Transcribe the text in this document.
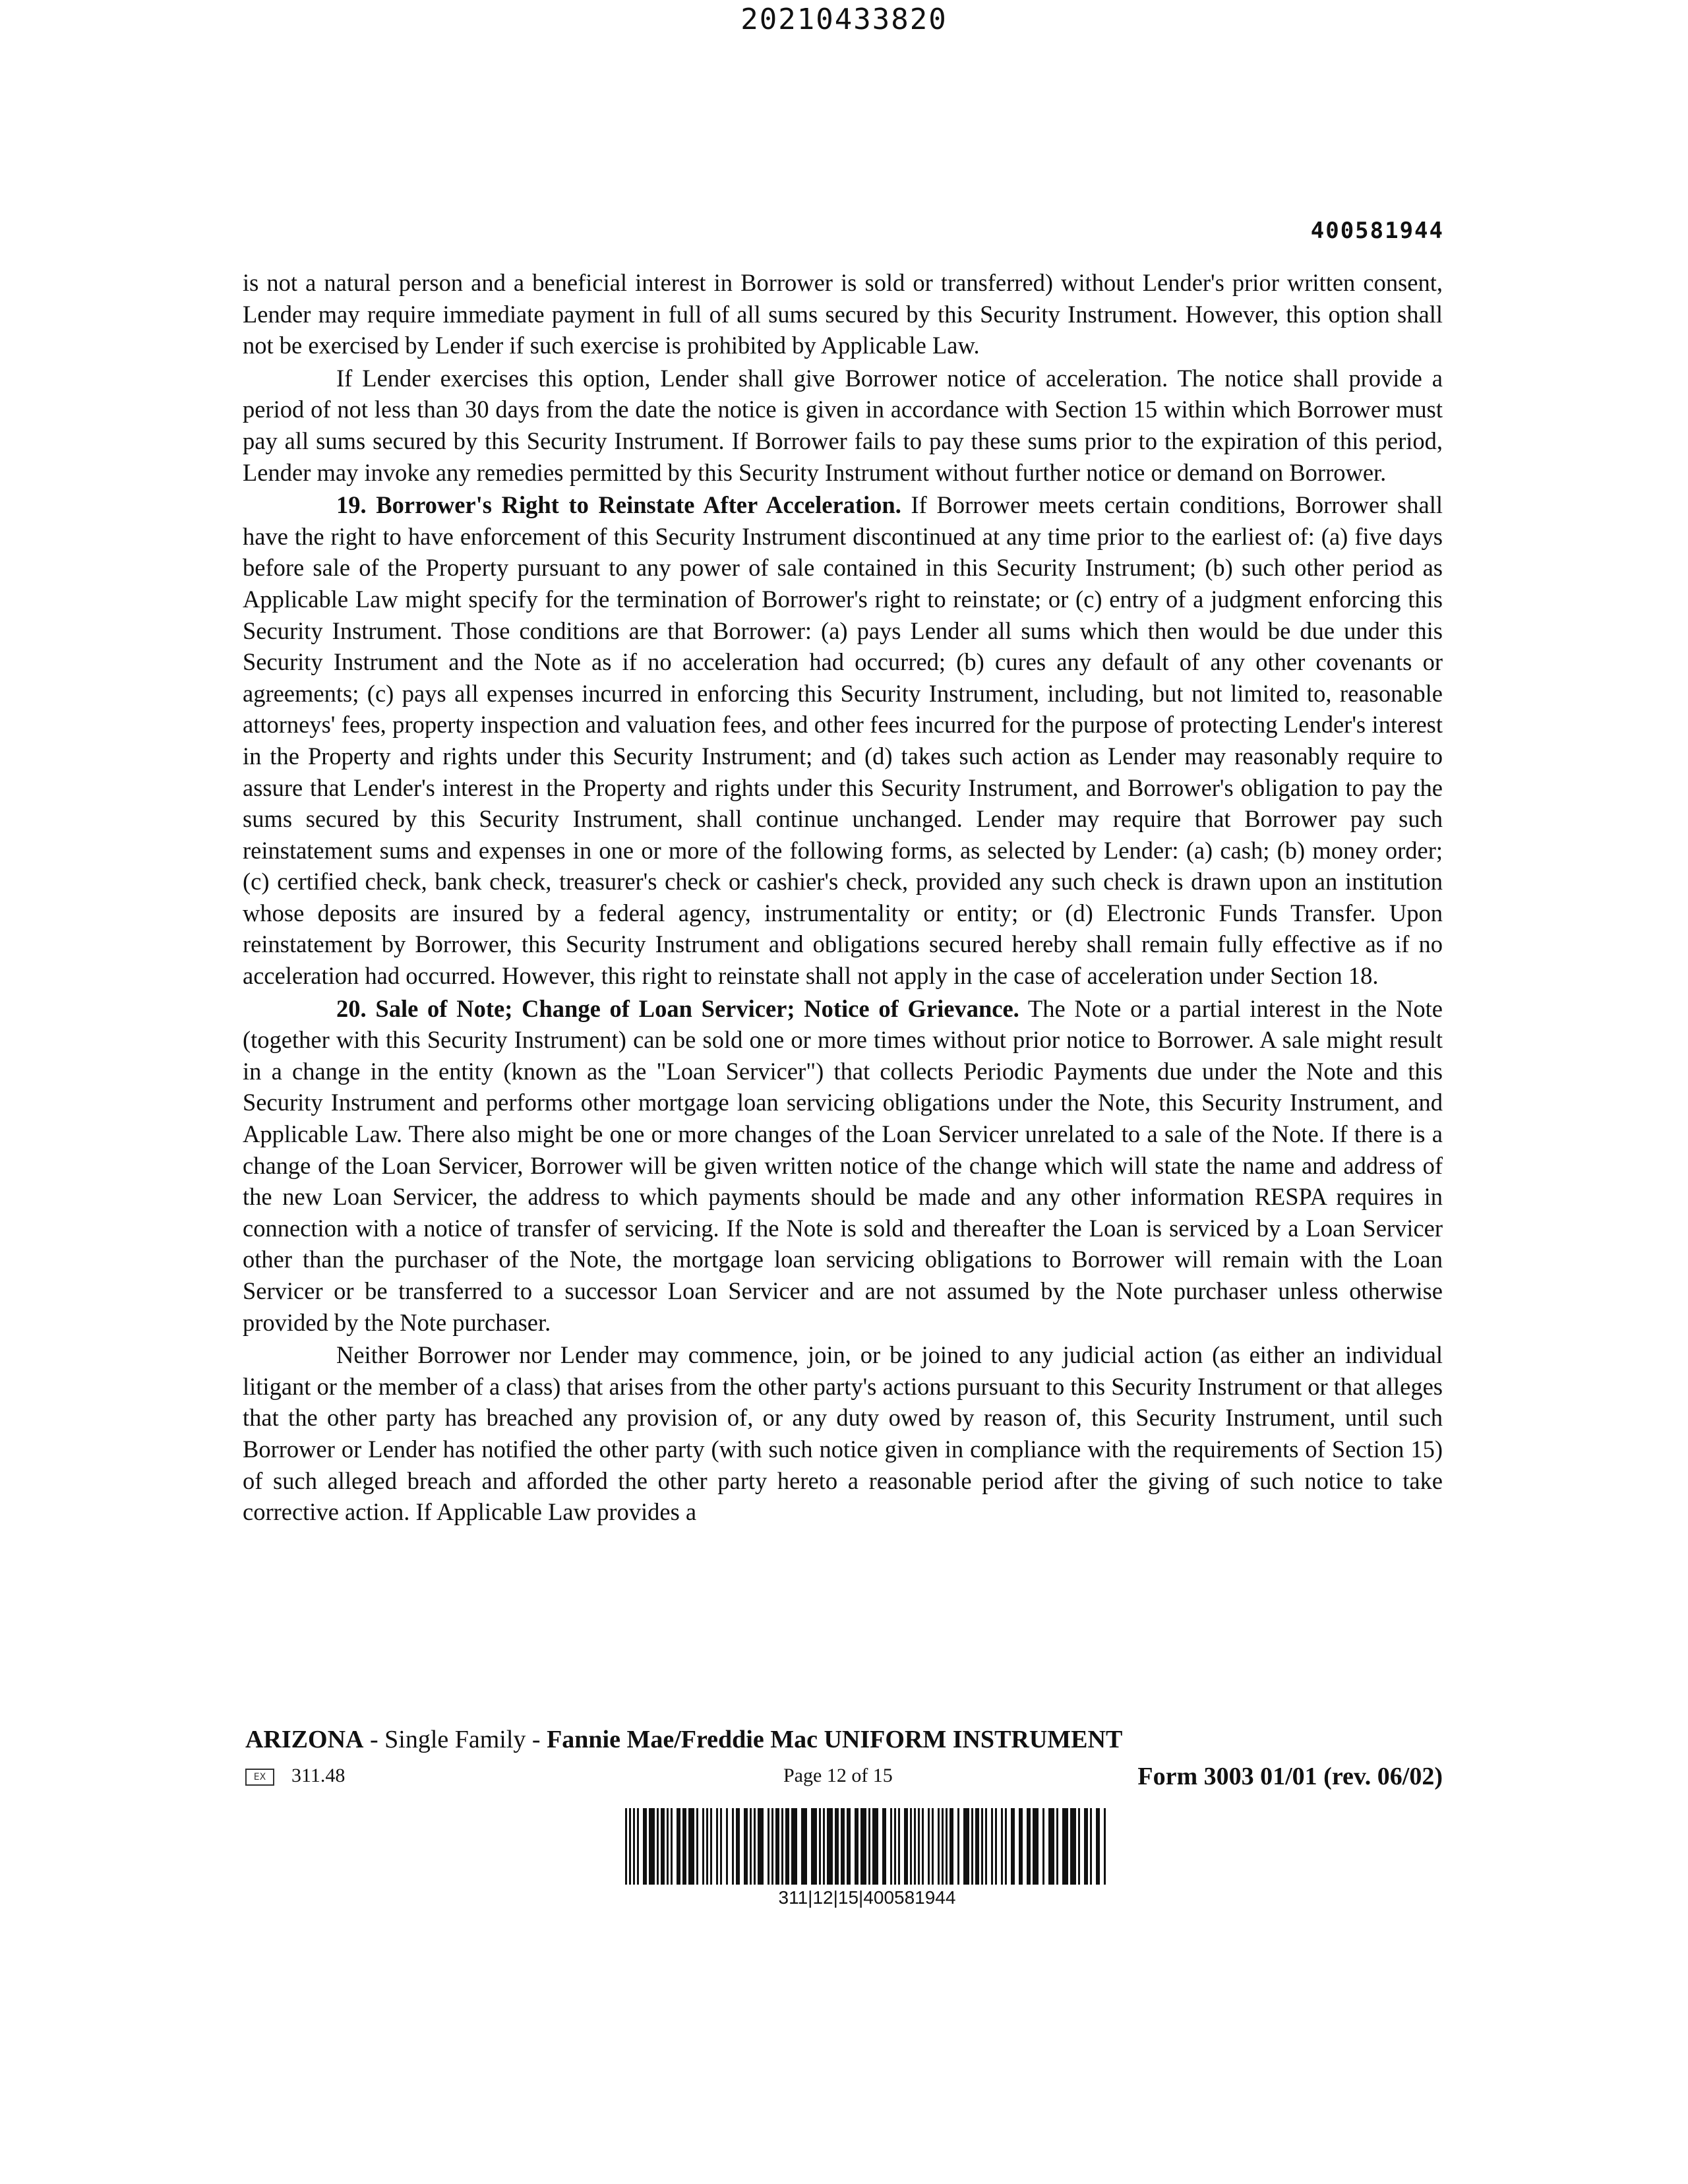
20210433820
400581944

is not a natural person and a beneficial interest in Borrower is sold or transferred) without Lender's prior written consent, Lender may require immediate payment in full of all sums secured by this Security Instrument. However, this option shall not be exercised by Lender if such exercise is prohibited by Applicable Law.

If Lender exercises this option, Lender shall give Borrower notice of acceleration. The notice shall provide a period of not less than 30 days from the date the notice is given in accordance with Section 15 within which Borrower must pay all sums secured by this Security Instrument. If Borrower fails to pay these sums prior to the expiration of this period, Lender may invoke any remedies permitted by this Security Instrument without further notice or demand on Borrower.

19. Borrower's Right to Reinstate After Acceleration. If Borrower meets certain conditions, Borrower shall have the right to have enforcement of this Security Instrument discontinued at any time prior to the earliest of: (a) five days before sale of the Property pursuant to any power of sale contained in this Security Instrument; (b) such other period as Applicable Law might specify for the termination of Borrower's right to reinstate; or (c) entry of a judgment enforcing this Security Instrument. Those conditions are that Borrower: (a) pays Lender all sums which then would be due under this Security Instrument and the Note as if no acceleration had occurred; (b) cures any default of any other covenants or agreements; (c) pays all expenses incurred in enforcing this Security Instrument, including, but not limited to, reasonable attorneys' fees, property inspection and valuation fees, and other fees incurred for the purpose of protecting Lender's interest in the Property and rights under this Security Instrument; and (d) takes such action as Lender may reasonably require to assure that Lender's interest in the Property and rights under this Security Instrument, and Borrower's obligation to pay the sums secured by this Security Instrument, shall continue unchanged. Lender may require that Borrower pay such reinstatement sums and expenses in one or more of the following forms, as selected by Lender: (a) cash; (b) money order; (c) certified check, bank check, treasurer's check or cashier's check, provided any such check is drawn upon an institution whose deposits are insured by a federal agency, instrumentality or entity; or (d) Electronic Funds Transfer. Upon reinstatement by Borrower, this Security Instrument and obligations secured hereby shall remain fully effective as if no acceleration had occurred. However, this right to reinstate shall not apply in the case of acceleration under Section 18.

20. Sale of Note; Change of Loan Servicer; Notice of Grievance. The Note or a partial interest in the Note (together with this Security Instrument) can be sold one or more times without prior notice to Borrower. A sale might result in a change in the entity (known as the "Loan Servicer") that collects Periodic Payments due under the Note and this Security Instrument and performs other mortgage loan servicing obligations under the Note, this Security Instrument, and Applicable Law. There also might be one or more changes of the Loan Servicer unrelated to a sale of the Note. If there is a change of the Loan Servicer, Borrower will be given written notice of the change which will state the name and address of the new Loan Servicer, the address to which payments should be made and any other information RESPA requires in connection with a notice of transfer of servicing. If the Note is sold and thereafter the Loan is serviced by a Loan Servicer other than the purchaser of the Note, the mortgage loan servicing obligations to Borrower will remain with the Loan Servicer or be transferred to a successor Loan Servicer and are not assumed by the Note purchaser unless otherwise provided by the Note purchaser.

Neither Borrower nor Lender may commence, join, or be joined to any judicial action (as either an individual litigant or the member of a class) that arises from the other party's actions pursuant to this Security Instrument or that alleges that the other party has breached any provision of, or any duty owed by reason of, this Security Instrument, until such Borrower or Lender has notified the other party (with such notice given in compliance with the requirements of Section 15) of such alleged breach and afforded the other party hereto a reasonable period after the giving of such notice to take corrective action. If Applicable Law provides a

ARIZONA - Single Family - Fannie Mae/Freddie Mac UNIFORM INSTRUMENT
EX	311.48	Page 12 of 15	Form 3003 01/01 (rev. 06/02)
311|12|15|400581944
